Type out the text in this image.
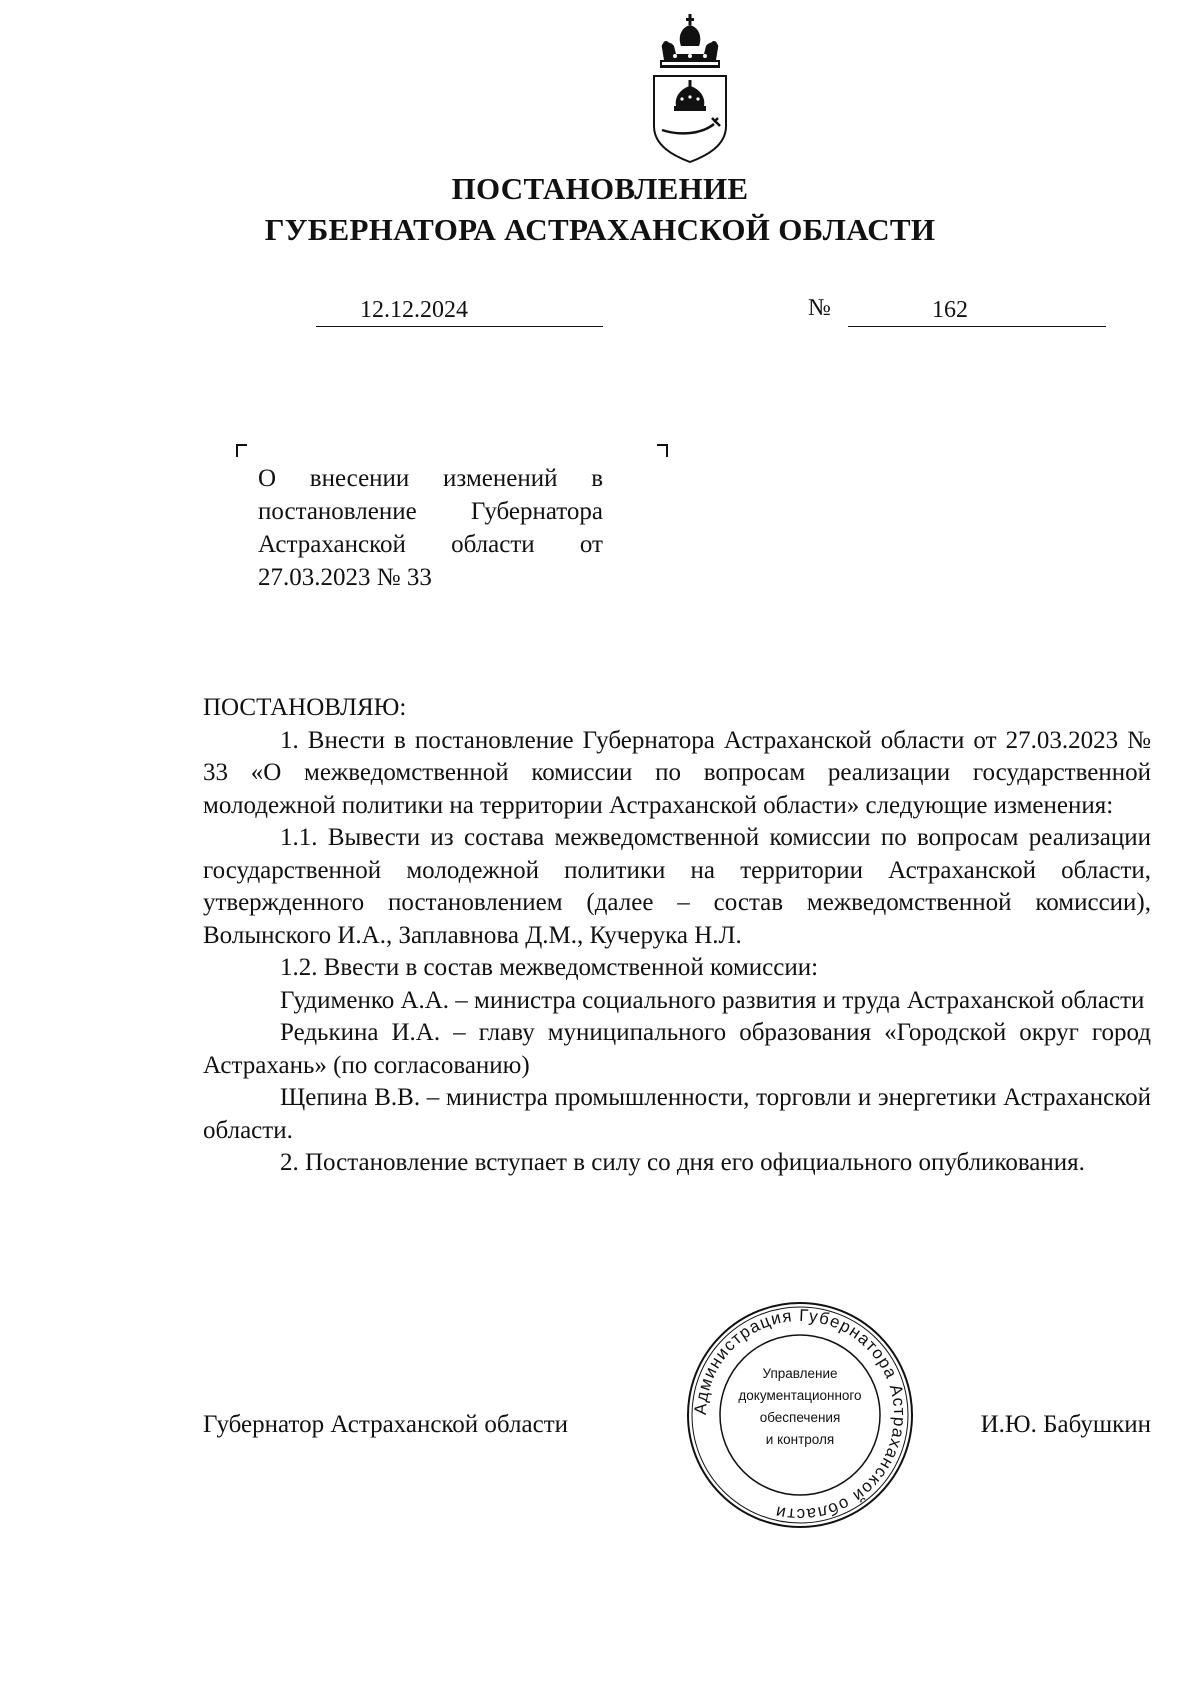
ПОСТАНОВЛЕНИЕ
ГУБЕРНАТОРА АСТРАХАНСКОЙ ОБЛАСТИ
12.12.2024	№	162
О внесении изменений в постановление Губернатора Астраханской области от 27.03.2023 № 33

ПОСТАНОВЛЯЮ:

1. Внести в постановление Губернатора Астраханской области от 27.03.2023 № 33 «О межведомственной комиссии по вопросам реализации государственной молодежной политики на территории Астраханской области» следующие изменения:

1.1. Вывести из состава межведомственной комиссии по вопросам реализации государственной молодежной политики на территории Астраханской области, утвержденного постановлением (далее – состав межведомственной комиссии), Волынского И.А., Заплавнова Д.М., Кучерука Н.Л.

1.2. Ввести в состав межведомственной комиссии:

Гудименко А.А. – министра социального развития и труда Астраханской области

Редькина И.А. – главу муниципального образования «Городской округ город Астрахань» (по согласованию)

Щепина В.В. – министра промышленности, торговли и энергетики Астраханской области.

2. Постановление вступает в силу со дня его официального опубликования.

Администрация Губернатора Астраханской области
Управление
документационного
обеспечения
и контроля
Губернатор Астраханской области	И.Ю. Бабушкин
